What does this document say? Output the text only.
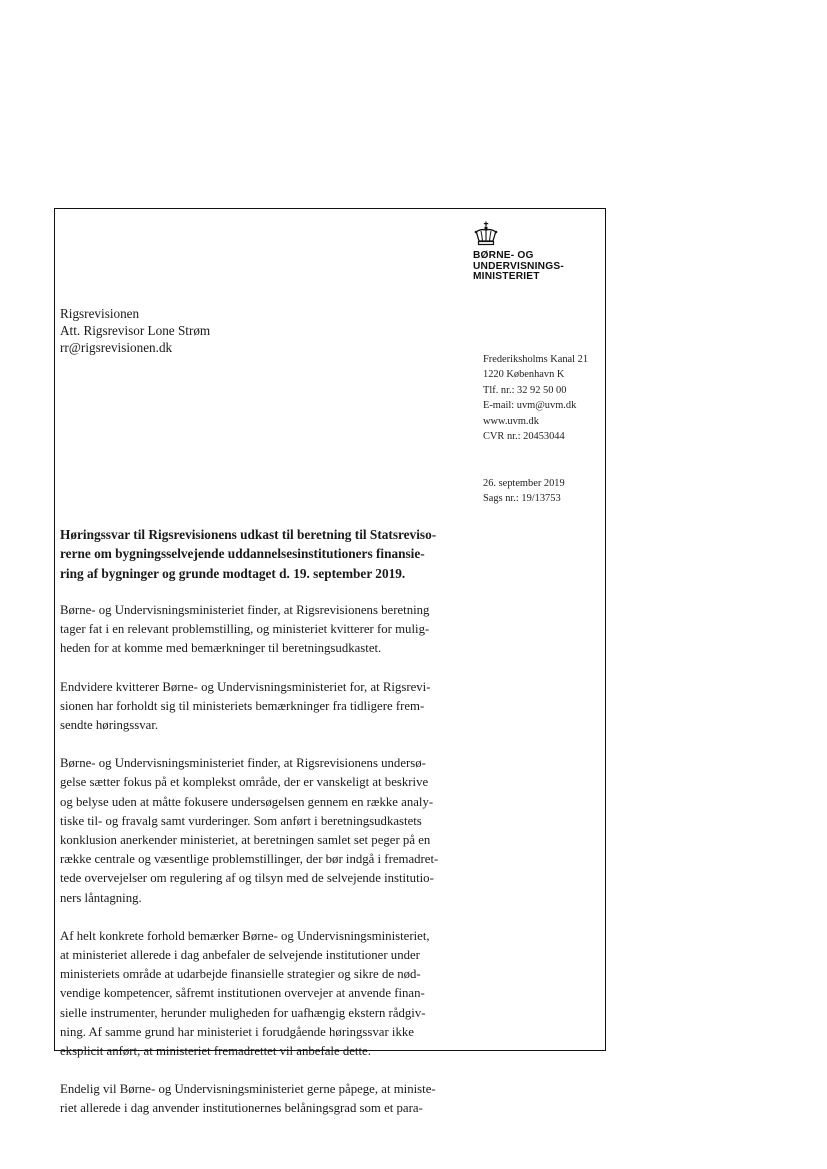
BØRNE- OG
UNDERVISNINGS-
MINISTERIET
Rigsrevisionen
Att. Rigsrevisor Lone Strøm
rr@rigsrevisionen.dk
Frederiksholms Kanal 21
1220 København K
Tlf. nr.: 32 92 50 00
E-mail: uvm@uvm.dk
www.uvm.dk
CVR nr.: 20453044
26. september 2019
Sags nr.: 19/13753
Høringssvar til Rigsrevisionens udkast til beretning til Statsreviso-
rerne om bygningsselvejende uddannelsesinstitutioners finansie-
ring af bygninger og grunde modtaget d. 19. september 2019.
Børne- og Undervisningsministeriet finder, at Rigsrevisionens beretning
tager fat i en relevant problemstilling, og ministeriet kvitterer for mulig-
heden for at komme med bemærkninger til beretningsudkastet.
Endvidere kvitterer Børne- og Undervisningsministeriet for, at Rigsrevi-
sionen har forholdt sig til ministeriets bemærkninger fra tidligere frem-
sendte høringssvar.
Børne- og Undervisningsministeriet finder, at Rigsrevisionens undersø-
gelse sætter fokus på et komplekst område, der er vanskeligt at beskrive
og belyse uden at måtte fokusere undersøgelsen gennem en række analy-
tiske til- og fravalg samt vurderinger. Som anført i beretningsudkastets
konklusion anerkender ministeriet, at beretningen samlet set peger på en
række centrale og væsentlige problemstillinger, der bør indgå i fremadret-
tede overvejelser om regulering af og tilsyn med de selvejende institutio-
ners låntagning.
Af helt konkrete forhold bemærker Børne- og Undervisningsministeriet,
at ministeriet allerede i dag anbefaler de selvejende institutioner under
ministeriets område at udarbejde finansielle strategier og sikre de nød-
vendige kompetencer, såfremt institutionen overvejer at anvende finan-
sielle instrumenter, herunder muligheden for uafhængig ekstern rådgiv-
ning. Af samme grund har ministeriet i forudgående høringssvar ikke
eksplicit anført, at ministeriet fremadrettet vil anbefale dette.
Endelig vil Børne- og Undervisningsministeriet gerne påpege, at ministe-
riet allerede i dag anvender institutionernes belåningsgrad som et para-
